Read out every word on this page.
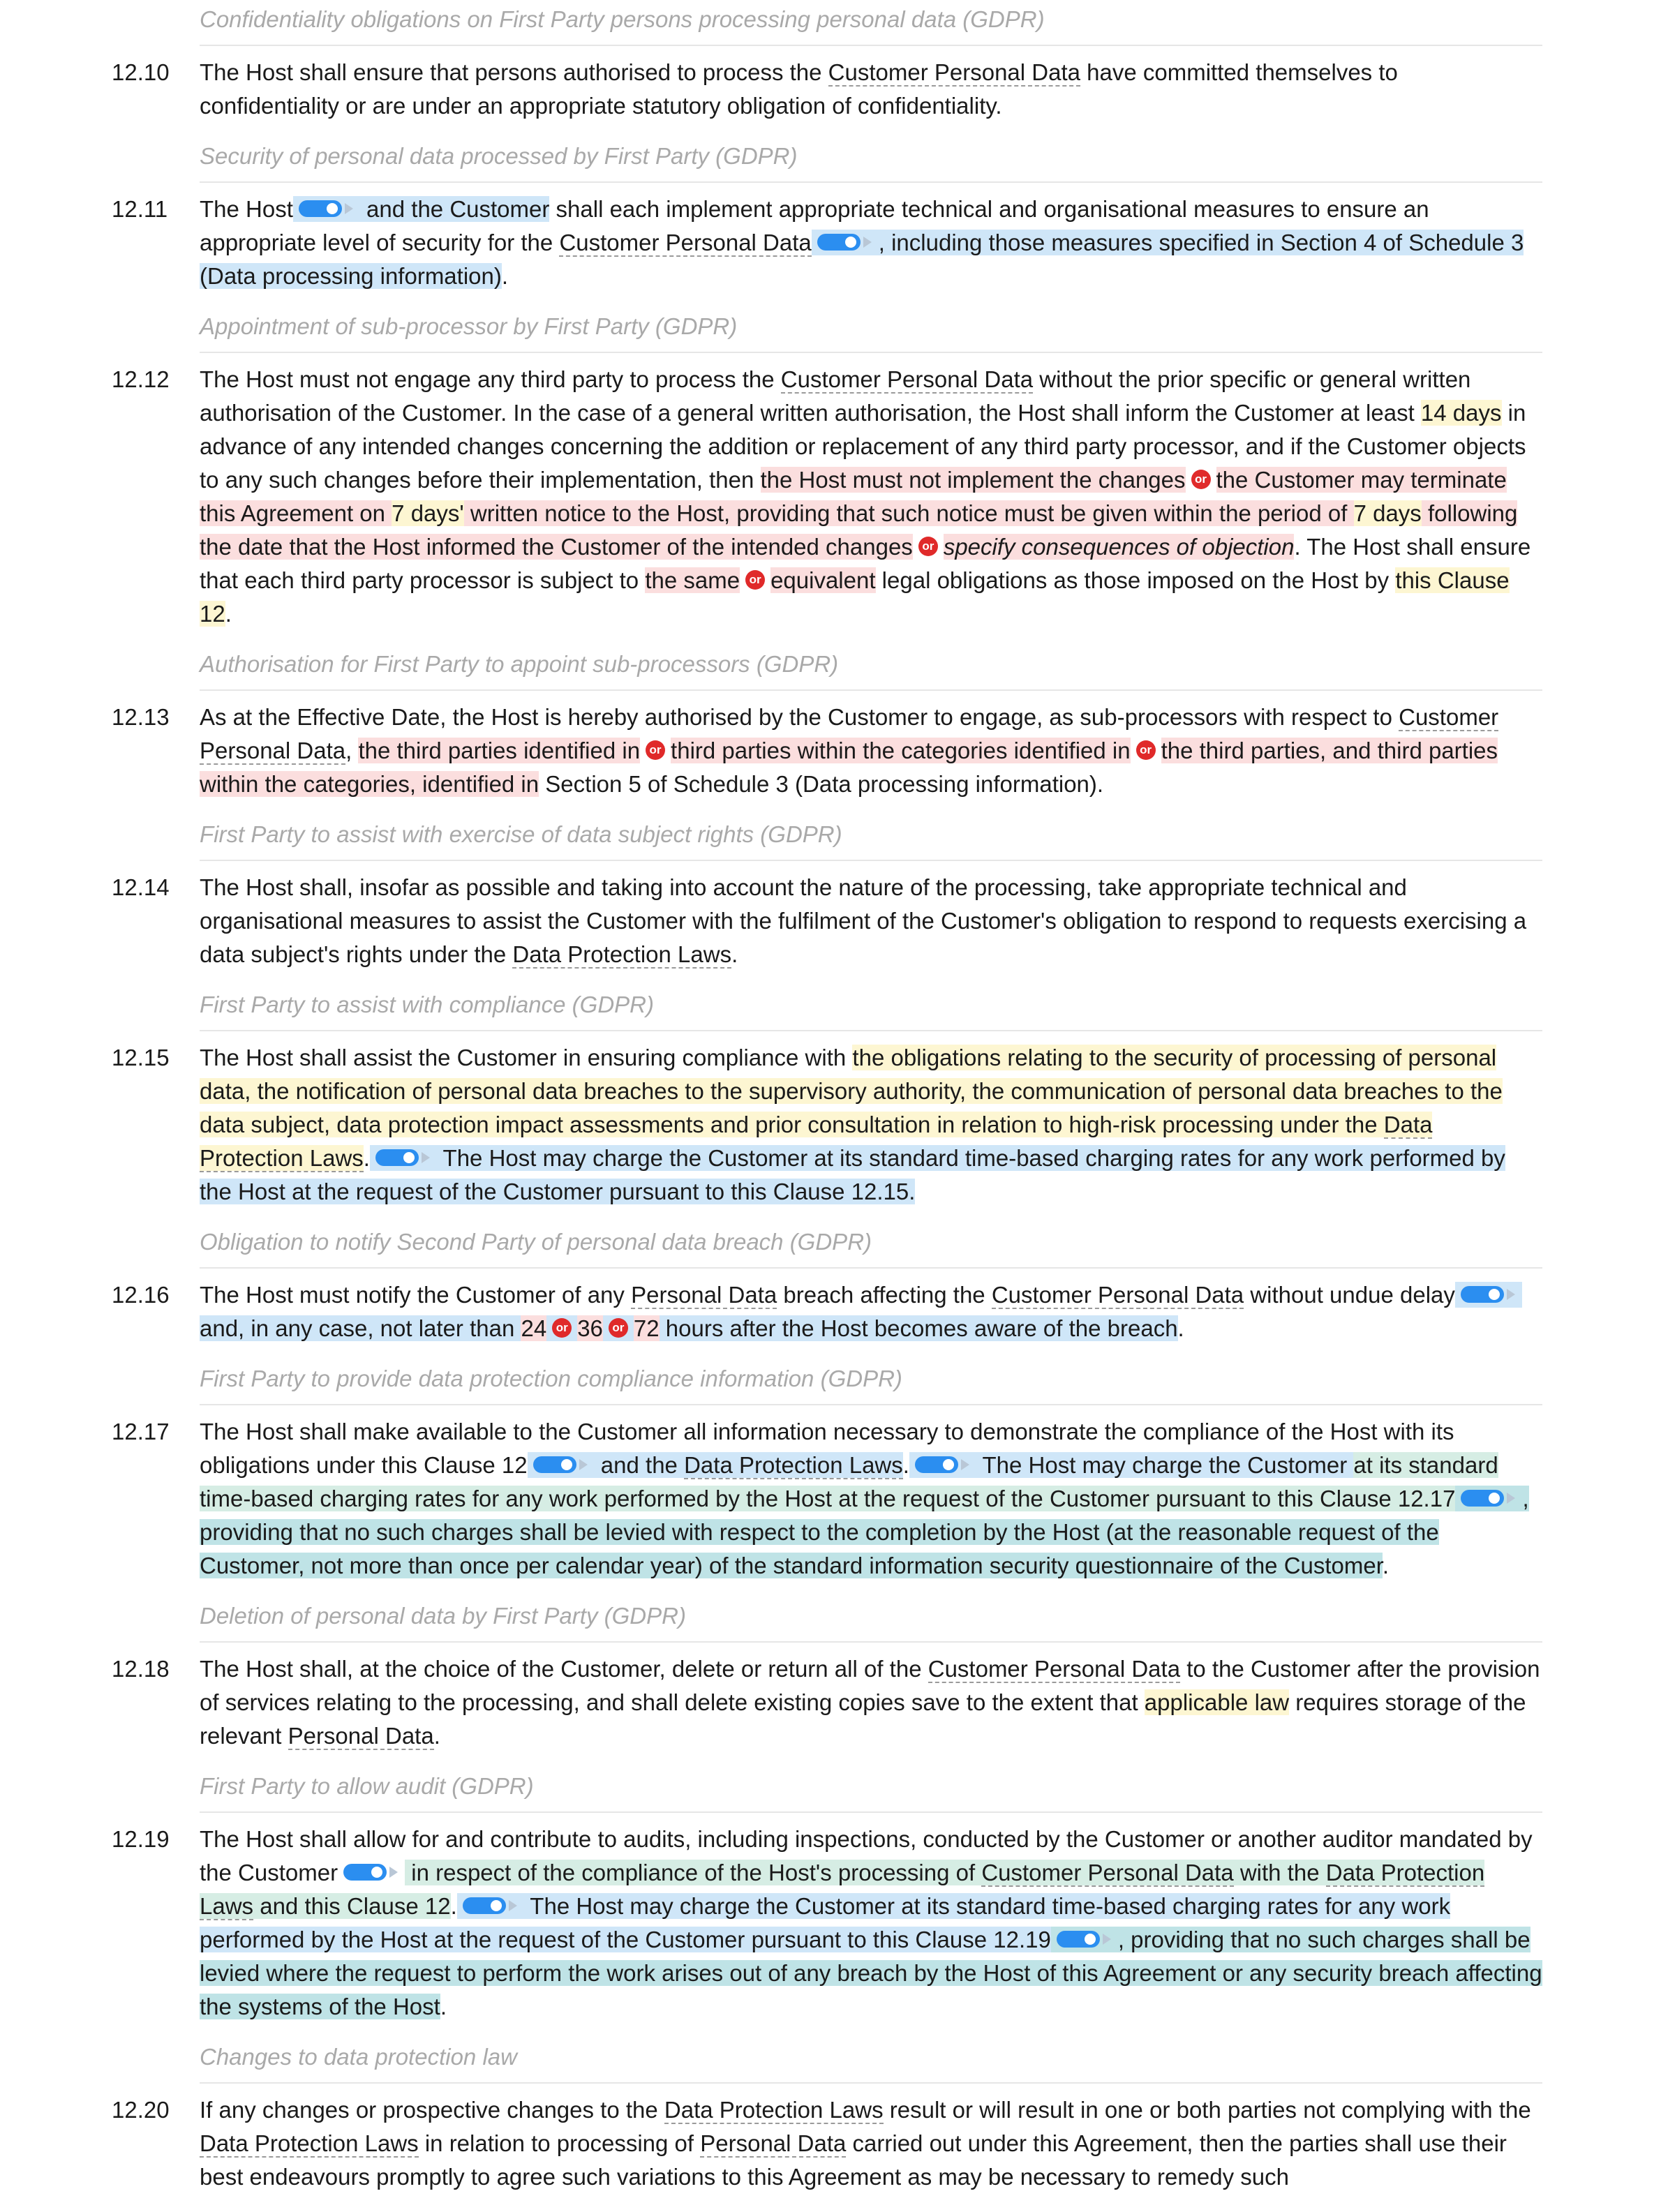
Confidentiality obligations on First Party persons processing personal data (GDPR)
12.10	The Host shall ensure that persons authorised to process the Customer Personal Data have committed themselves to confidentiality or are under an appropriate statutory obligation of confidentiality.
Security of personal data processed by First Party (GDPR)
12.11	The Host	and the Customer shall each implement appropriate technical and organisational measures to ensure an appropriate level of security for the Customer Personal Data	, including those measures specified in Section 4 of Schedule 3 (Data processing information).
Appointment of sub-processor by First Party (GDPR)
12.12	The Host must not engage any third party to process the Customer Personal Data without the prior specific or general written authorisation of the Customer. In the case of a general written authorisation, the Host shall inform the Customer at least 14 days in advance of any intended changes concerning the addition or replacement of any third party processor, and if the Customer objects to any such changes before their implementation, then the Host must not implement the changes or the Customer may terminate this Agreement on 7 days' written notice to the Host, providing that such notice must be given within the period of 7 days following the date that the Host informed the Customer of the intended changes or specify consequences of objection. The Host shall ensure that each third party processor is subject to the same or equivalent legal obligations as those imposed on the Host by this Clause 12.
Authorisation for First Party to appoint sub-processors (GDPR)
12.13	As at the Effective Date, the Host is hereby authorised by the Customer to engage, as sub-processors with respect to Customer Personal Data, the third parties identified in or third parties within the categories identified in or the third parties, and third parties within the categories, identified in Section 5 of Schedule 3 (Data processing information).
First Party to assist with exercise of data subject rights (GDPR)
12.14	The Host shall, insofar as possible and taking into account the nature of the processing, take appropriate technical and organisational measures to assist the Customer with the fulfilment of the Customer's obligation to respond to requests exercising a data subject's rights under the Data Protection Laws.
First Party to assist with compliance (GDPR)
12.15	The Host shall assist the Customer in ensuring compliance with the obligations relating to the security of processing of personal data, the notification of personal data breaches to the supervisory authority, the communication of personal data breaches to the data subject, data protection impact assessments and prior consultation in relation to high-risk processing under the Data Protection Laws.	The Host may charge the Customer at its standard time-based charging rates for any work performed by the Host at the request of the Customer pursuant to this Clause 12.15.
Obligation to notify Second Party of personal data breach (GDPR)
12.16	The Host must notify the Customer of any Personal Data breach affecting the Customer Personal Data without undue delay
and, in any case, not later than 24 or 36 or 72 hours after the Host becomes aware of the breach.
First Party to provide data protection compliance information (GDPR)
12.17	The Host shall make available to the Customer all information necessary to demonstrate the compliance of the Host with its obligations under this Clause 12	and the Data Protection Laws.	The Host may charge the Customer at its standard time-based charging rates for any work performed by the Host at the request of the Customer pursuant to this Clause 12.17	, providing that no such charges shall be levied with respect to the completion by the Host (at the reasonable request of the Customer, not more than once per calendar year) of the standard information security questionnaire of the Customer.
Deletion of personal data by First Party (GDPR)
12.18	The Host shall, at the choice of the Customer, delete or return all of the Customer Personal Data to the Customer after the provision of services relating to the processing, and shall delete existing copies save to the extent that applicable law requires storage of the relevant Personal Data.
First Party to allow audit (GDPR)
12.19	The Host shall allow for and contribute to audits, including inspections, conducted by the Customer or another auditor mandated by the Customer	in respect of the compliance of the Host's processing of Customer Personal Data with the Data Protection Laws and this Clause 12.	The Host may charge the Customer at its standard time-based charging rates for any work performed by the Host at the request of the Customer pursuant to this Clause 12.19	, providing that no such charges shall be levied where the request to perform the work arises out of any breach by the Host of this Agreement or any security breach affecting the systems of the Host.
Changes to data protection law
12.20	If any changes or prospective changes to the Data Protection Laws result or will result in one or both parties not complying with the Data Protection Laws in relation to processing of Personal Data carried out under this Agreement, then the parties shall use their best endeavours promptly to agree such variations to this Agreement as may be necessary to remedy such
